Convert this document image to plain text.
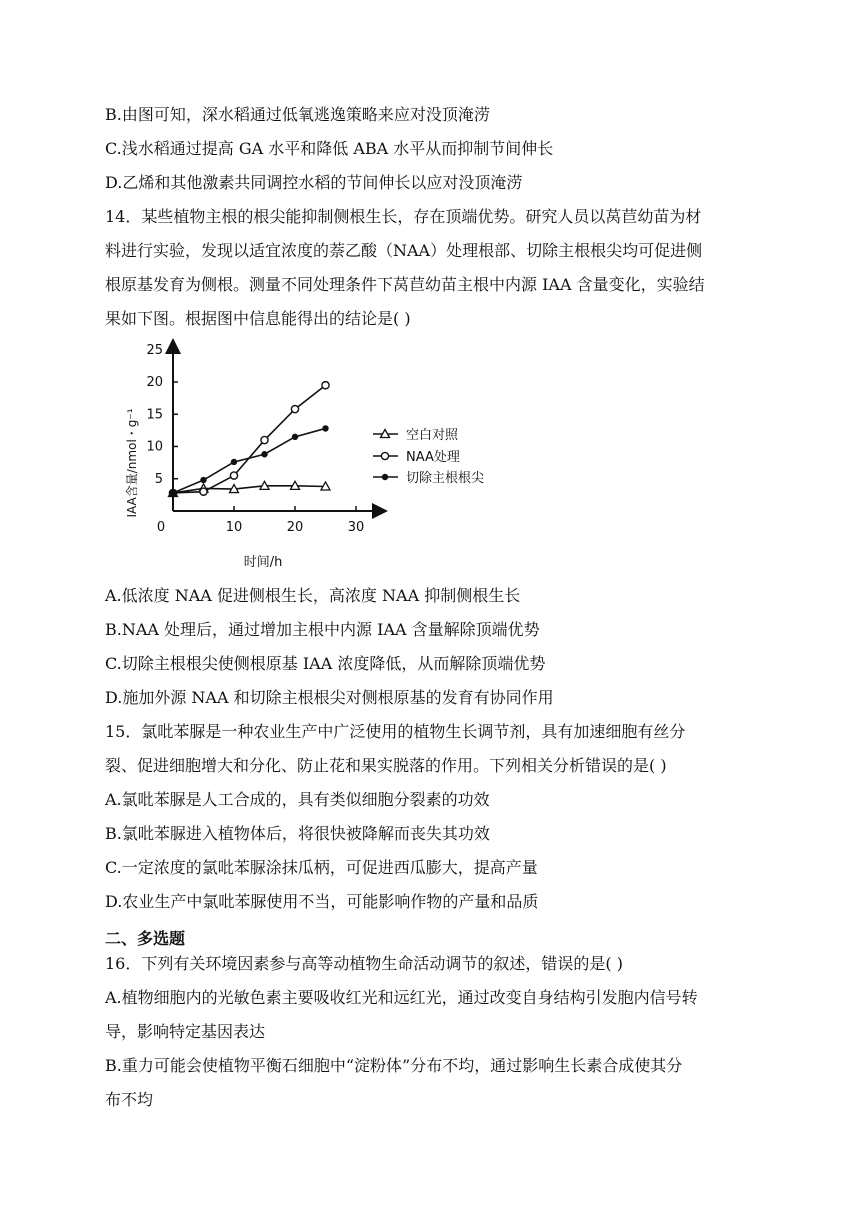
B.由图可知，深水稻通过低氧逃逸策略来应对没顶淹涝
C.浅水稻通过提高 GA 水平和降低 ABA 水平从而抑制节间伸长
D.乙烯和其他激素共同调控水稻的节间伸长以应对没顶淹涝
14．某些植物主根的根尖能抑制侧根生长，存在顶端优势。研究人员以莴苣幼苗为材
料进行实验，发现以适宜浓度的萘乙酸（NAA）处理根部、切除主根根尖均可促进侧
根原基发育为侧根。测量不同处理条件下莴苣幼苗主根中内源 IAA 含量变化，实验结
果如下图。根据图中信息能得出的结论是( )
0	10	20	30
5
10
15
20
25
空白对照
NAA处理
切除主根根尖
时间/h
IAA含量/nmol・g⁻¹
A.低浓度 NAA 促进侧根生长，高浓度 NAA 抑制侧根生长
B.NAA 处理后，通过增加主根中内源 IAA 含量解除顶端优势
C.切除主根根尖使侧根原基 IAA 浓度降低，从而解除顶端优势
D.施加外源 NAA 和切除主根根尖对侧根原基的发育有协同作用
15．氯吡苯脲是一种农业生产中广泛使用的植物生长调节剂，具有加速细胞有丝分
裂、促进细胞增大和分化、防止花和果实脱落的作用。下列相关分析错误的是( )
A.氯吡苯脲是人工合成的，具有类似细胞分裂素的功效
B.氯吡苯脲进入植物体后，将很快被降解而丧失其功效
C.一定浓度的氯吡苯脲涂抹瓜柄，可促进西瓜膨大，提高产量
D.农业生产中氯吡苯脲使用不当，可能影响作物的产量和品质
二、多选题
16．下列有关环境因素参与高等动植物生命活动调节的叙述，错误的是( )
A.植物细胞内的光敏色素主要吸收红光和远红光，通过改变自身结构引发胞内信号转
导，影响特定基因表达
B.重力可能会使植物平衡石细胞中“淀粉体”分布不均，通过影响生长素合成使其分
布不均
